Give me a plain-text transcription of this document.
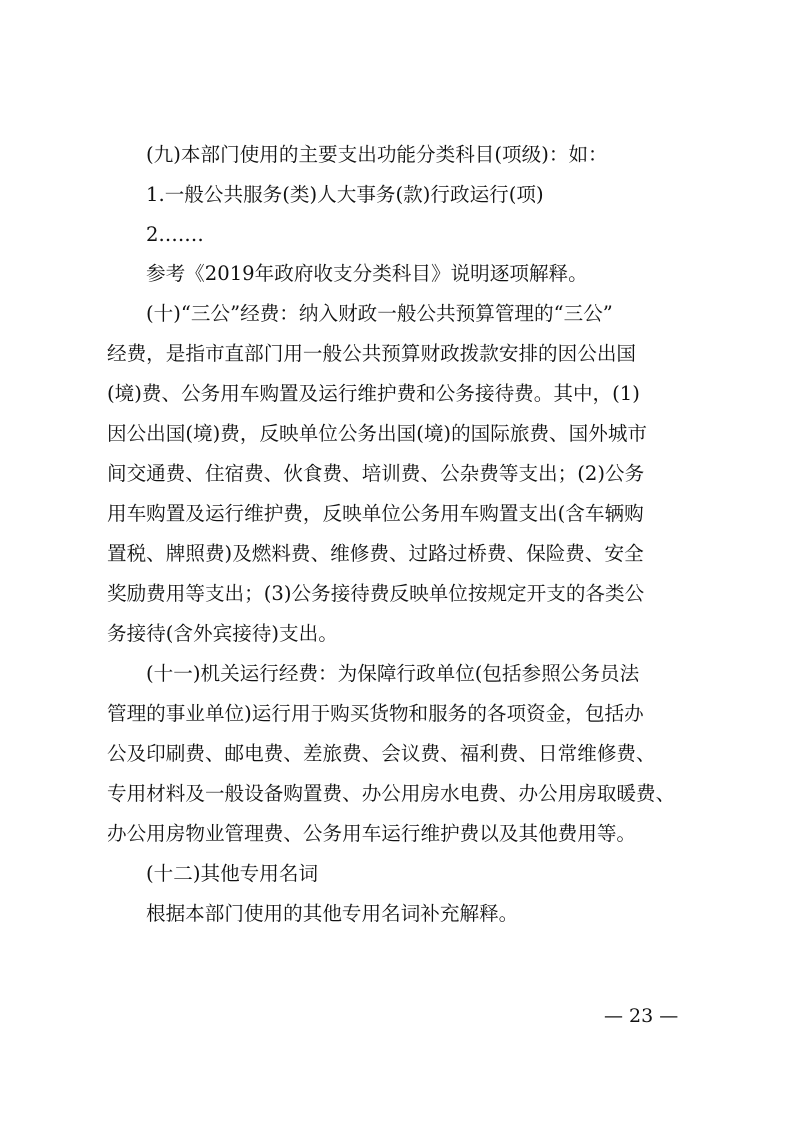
(九)本部门使用的主要支出功能分类科目(项级)：如：
1.一般公共服务(类)人大事务(款)行政运行(项)
2.……
参考《2019年政府收支分类科目》说明逐项解释。
(十)“三公”经费：纳入财政一般公共预算管理的“三公”
经费，是指市直部门用一般公共预算财政拨款安排的因公出国
(境)费、公务用车购置及运行维护费和公务接待费。其中，(1)
因公出国(境)费，反映单位公务出国(境)的国际旅费、国外城市
间交通费、住宿费、伙食费、培训费、公杂费等支出；(2)公务
用车购置及运行维护费，反映单位公务用车购置支出(含车辆购
置税、牌照费)及燃料费、维修费、过路过桥费、保险费、安全
奖励费用等支出；(3)公务接待费反映单位按规定开支的各类公
务接待(含外宾接待)支出。
(十一)机关运行经费：为保障行政单位(包括参照公务员法
管理的事业单位)运行用于购买货物和服务的各项资金，包括办
公及印刷费、邮电费、差旅费、会议费、福利费、日常维修费、
专用材料及一般设备购置费、办公用房水电费、办公用房取暖费、
办公用房物业管理费、公务用车运行维护费以及其他费用等。
(十二)其他专用名词
根据本部门使用的其他专用名词补充解释。
— 23 —
